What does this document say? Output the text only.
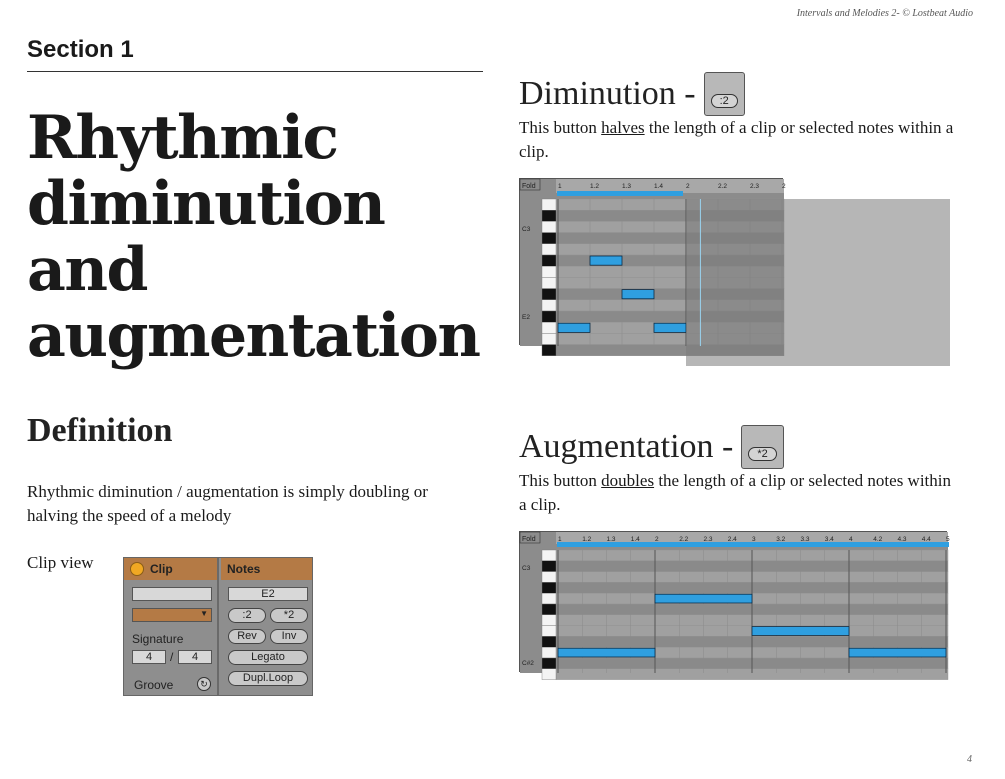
Intervals and Melodies 2- © Lostbeat Audio
Section 1
Rhythmic
diminution
and
augmentation
Definition

Rhythmic diminution / augmentation is simply doubling or halving the speed of a melody

Clip view	Clip
▼
Signature
4	/	4
Groove	↻
Notes
E2
:2	*2
Rev	Inv
Legato
Dupl.Loop
Diminution -	:2

This button halves the length of a clip or selected notes within a clip.

Fold	1	1.2	1.3	1.4	2	2.2	2.3	2
C3
E2
Augmentation -	*2

This button doubles the length of a clip or selected notes within a clip.

Fold	1	1.2 1.3 1.4 2	2.2 2.3 2.4 3	3.2 3.3 3.4 4	4.2 4.3 4.4 5
C3
C#2
4
